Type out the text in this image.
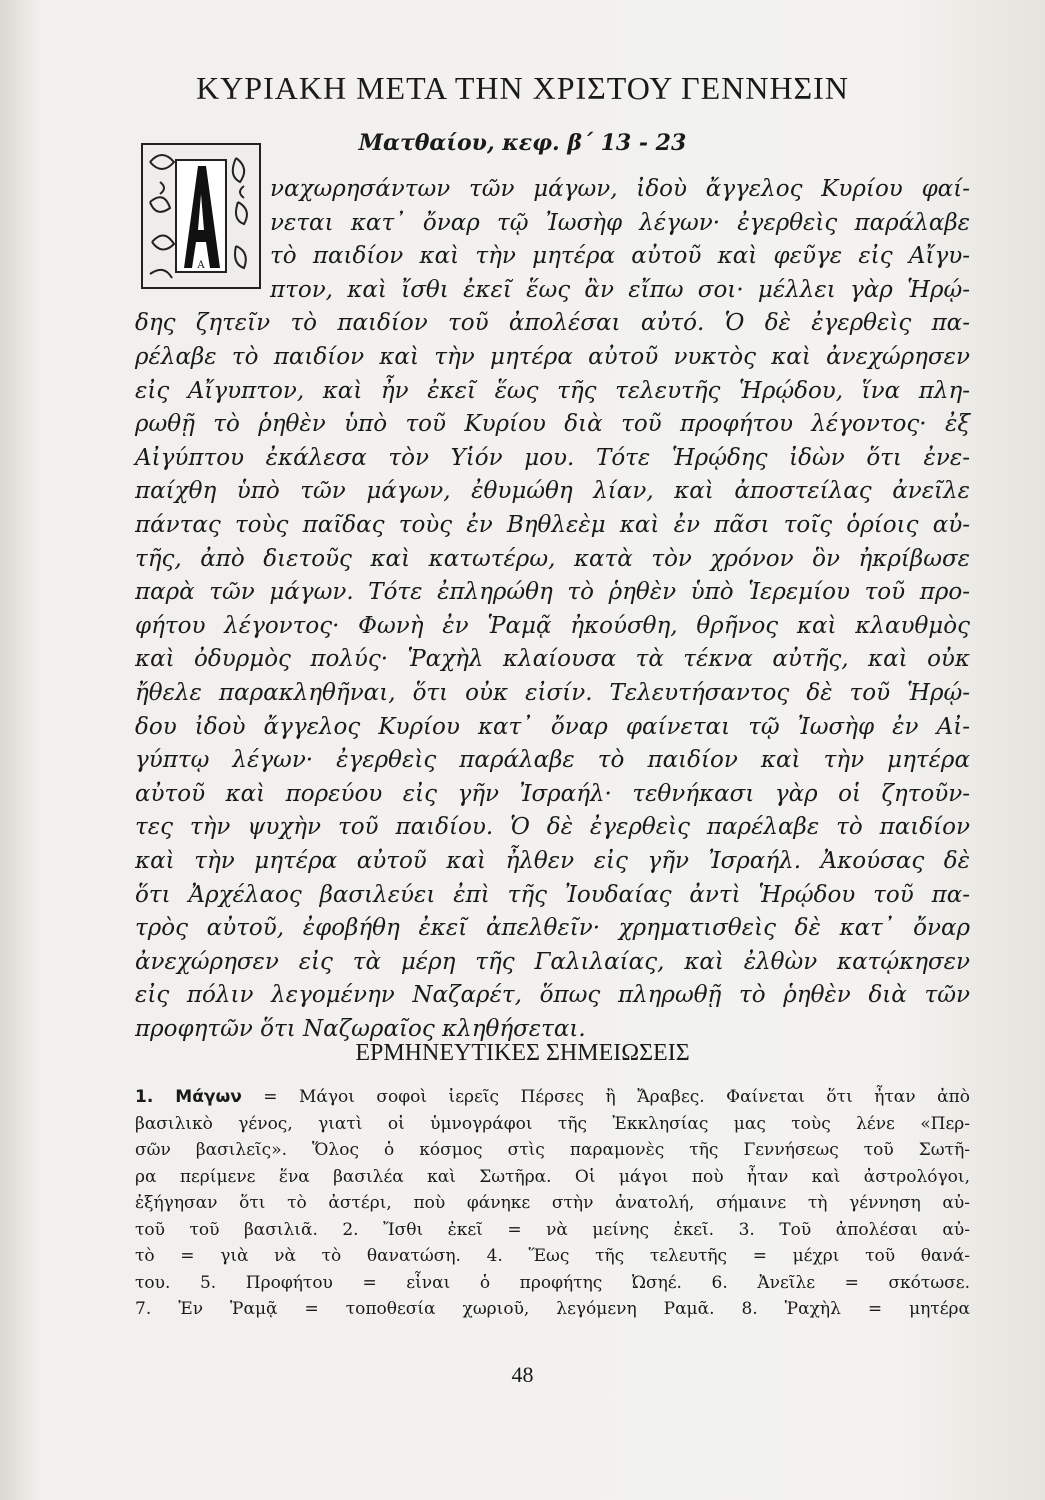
ΚΥΡΙΑΚΗ ΜΕΤΑ ΤΗΝ ΧΡΙΣΤΟΥ ΓΕΝΝΗΣΙΝ
Ματθαίου, κεφ. β΄ 13 - 23
Α
ναχωρησάντων τῶν μάγων, ἰδοὺ ἄγγελος Κυρίου φαί-
νεται κατ᾽ ὄναρ τῷ Ἰωσὴφ λέγων· ἐγερθεὶς παράλαβε
τὸ παιδίον καὶ τὴν μητέρα αὐτοῦ καὶ φεῦγε εἰς Αἴγυ-
πτον, καὶ ἴσθι ἐκεῖ ἕως ἂν εἴπω σοι· μέλλει γὰρ Ἡρῴ-
δης ζητεῖν τὸ παιδίον τοῦ ἀπολέσαι αὐτό. Ὁ δὲ ἐγερθεὶς πα-
ρέλαβε τὸ παιδίον καὶ τὴν μητέρα αὐτοῦ νυκτὸς καὶ ἀνεχώρησεν
εἰς Αἴγυπτον, καὶ ἦν ἐκεῖ ἕως τῆς τελευτῆς Ἡρῴδου, ἵνα πλη-
ρωθῇ τὸ ῥηθὲν ὑπὸ τοῦ Κυρίου διὰ τοῦ προφήτου λέγοντος· ἐξ
Αἰγύπτου ἐκάλεσα τὸν Υἱόν μου. Τότε Ἡρῴδης ἰδὼν ὅτι ἐνε-
παίχθη ὑπὸ τῶν μάγων, ἐθυμώθη λίαν, καὶ ἀποστείλας ἀνεῖλε
πάντας τοὺς παῖδας τοὺς ἐν Βηθλεὲμ καὶ ἐν πᾶσι τοῖς ὁρίοις αὐ-
τῆς, ἀπὸ διετοῦς καὶ κατωτέρω, κατὰ τὸν χρόνον ὃν ἠκρίβωσε
παρὰ τῶν μάγων. Τότε ἐπληρώθη τὸ ῥηθὲν ὑπὸ Ἱερεμίου τοῦ προ-
φήτου λέγοντος· Φωνὴ ἐν Ῥαμᾷ ἠκούσθη, θρῆνος καὶ κλαυθμὸς
καὶ ὀδυρμὸς πολύς· Ῥαχὴλ κλαίουσα τὰ τέκνα αὐτῆς, καὶ οὐκ
ἤθελε παρακληθῆναι, ὅτι οὐκ εἰσίν. Τελευτήσαντος δὲ τοῦ Ἡρῴ-
δου ἰδοὺ ἄγγελος Κυρίου κατ᾽ ὄναρ φαίνεται τῷ Ἰωσὴφ ἐν Αἰ-
γύπτῳ λέγων· ἐγερθεὶς παράλαβε τὸ παιδίον καὶ τὴν μητέρα
αὐτοῦ καὶ πορεύου εἰς γῆν Ἰσραήλ· τεθνήκασι γὰρ οἱ ζητοῦν-
τες τὴν ψυχὴν τοῦ παιδίου. Ὁ δὲ ἐγερθεὶς παρέλαβε τὸ παιδίον
καὶ τὴν μητέρα αὐτοῦ καὶ ἦλθεν εἰς γῆν Ἰσραήλ. Ἀκούσας δὲ
ὅτι Ἀρχέλαος βασιλεύει ἐπὶ τῆς Ἰουδαίας ἀντὶ Ἡρῴδου τοῦ πα-
τρὸς αὐτοῦ, ἐφοβήθη ἐκεῖ ἀπελθεῖν· χρηματισθεὶς δὲ κατ᾽ ὄναρ
ἀνεχώρησεν εἰς τὰ μέρη τῆς Γαλιλαίας, καὶ ἐλθὼν κατῴκησεν
εἰς πόλιν λεγομένην Ναζαρέτ, ὅπως πληρωθῇ τὸ ῥηθὲν διὰ τῶν
προφητῶν ὅτι Ναζωραῖος κληθήσεται.
ΕΡΜΗΝΕΥΤΙΚΕΣ ΣΗΜΕΙΩΣΕΙΣ
1. Μάγων = Μάγοι σοφοὶ ἱερεῖς Πέρσες ἢ Ἄραβες. Φαίνεται ὅτι ἦταν ἀπὸ
βασιλικὸ γένος, γιατὶ οἱ ὑμνογράφοι τῆς Ἐκκλησίας μας τοὺς λένε «Περ-
σῶν βασιλεῖς». Ὅλος ὁ κόσμος στὶς παραμονὲς τῆς Γεννήσεως τοῦ Σωτῆ-
ρα περίμενε ἕνα βασιλέα καὶ Σωτῆρα. Οἱ μάγοι ποὺ ἦταν καὶ ἀστρολόγοι,
ἐξήγησαν ὅτι τὸ ἀστέρι, ποὺ φάνηκε στὴν ἀνατολή, σήμαινε τὴ γέννηση αὐ-
τοῦ τοῦ βασιλιᾶ. 2. Ἴσθι ἐκεῖ = νὰ μείνης ἐκεῖ. 3. Τοῦ ἀπολέσαι αὐ-
τὸ = γιὰ νὰ τὸ θανατώση. 4. Ἕως τῆς τελευτῆς = μέχρι τοῦ θανά-
του. 5. Προφήτου = εἶναι ὁ προφήτης Ὠσηέ. 6. Ἀνεῖλε = σκότωσε.
7. Ἐν Ῥαμᾷ = τοποθεσία χωριοῦ, λεγόμενη Ραμᾶ. 8. Ῥαχὴλ = μητέρα
48
